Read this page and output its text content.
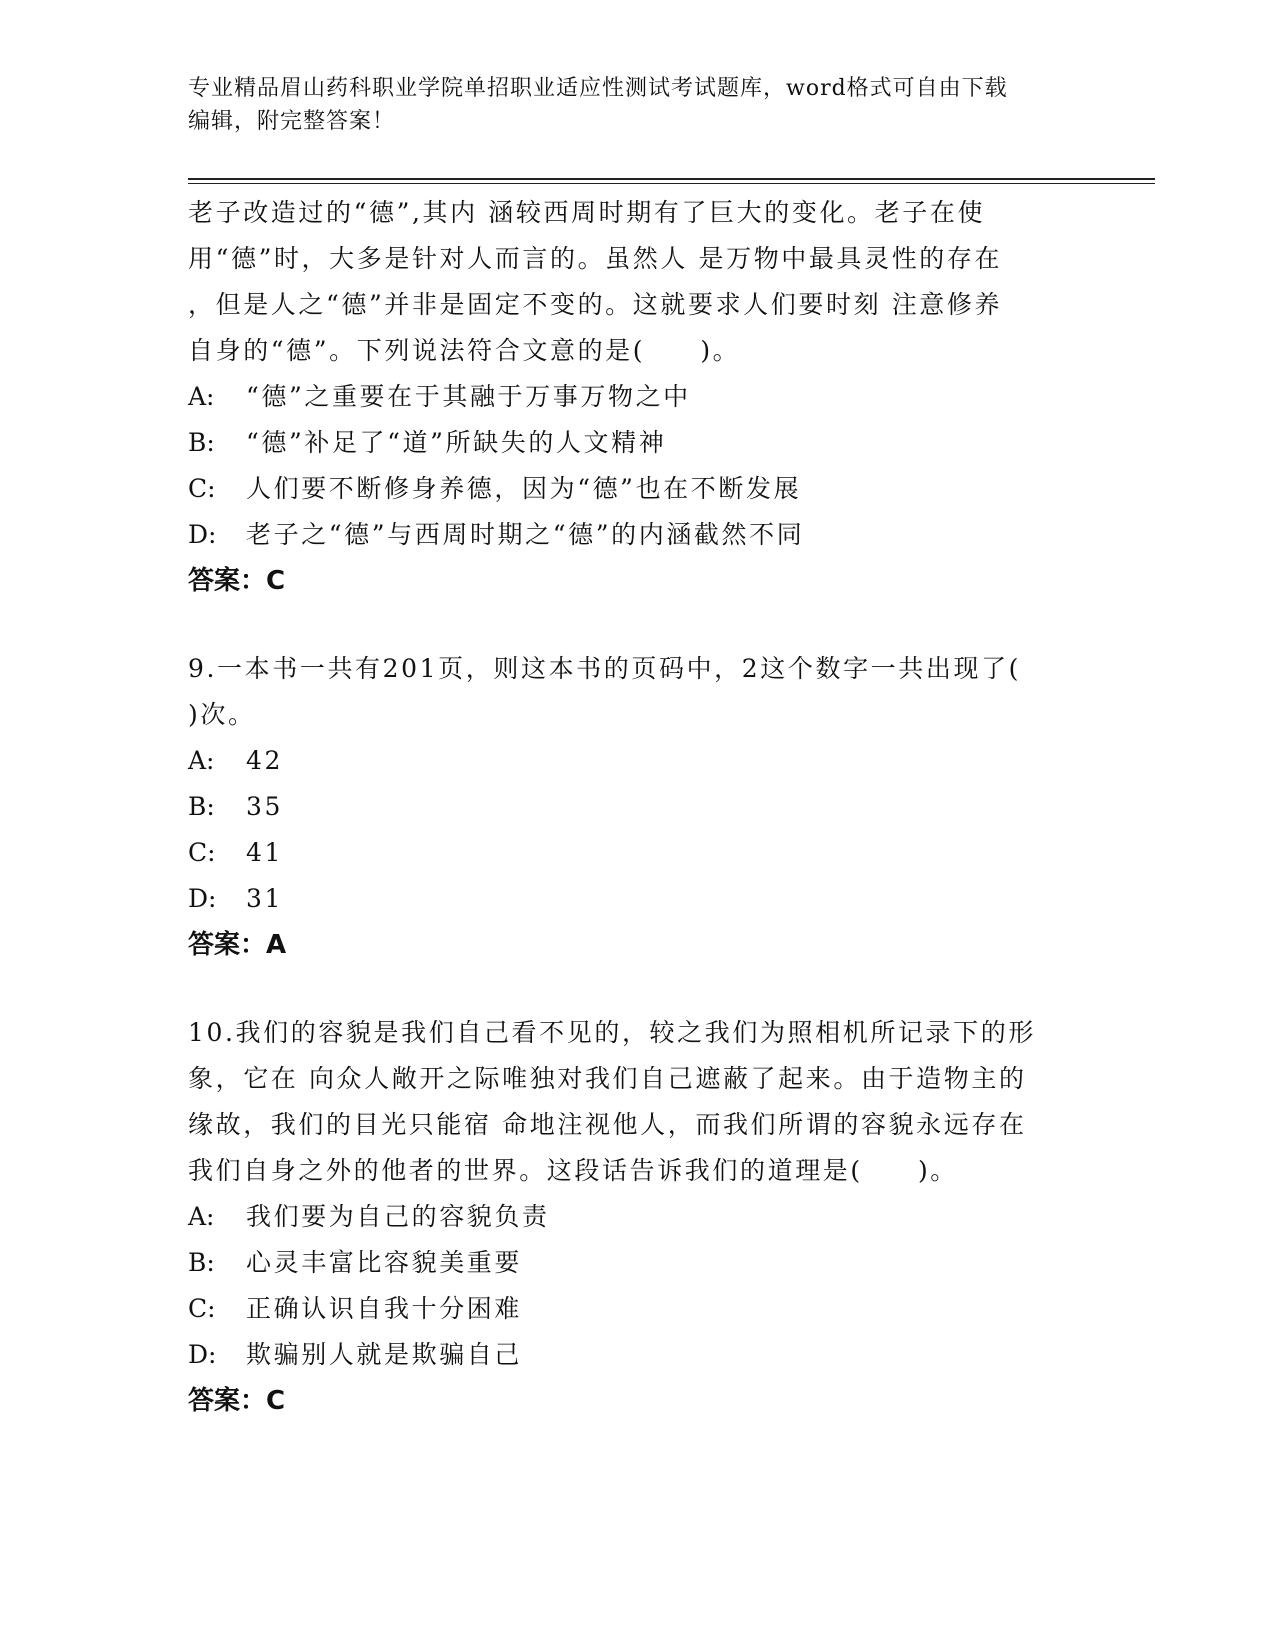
专业精品眉山药科职业学院单招职业适应性测试考试题库，word格式可自由下载
编辑，附完整答案！
老子改造过的“德”,其内 涵较西周时期有了巨大的变化。老子在使
用“德”时，大多是针对人而言的。虽然人 是万物中最具灵性的存在
，但是人之“德”并非是固定不变的。这就要求人们要时刻 注意修养
自身的“德”。下列说法符合文意的是(　　)。
A: “德”之重要在于其融于万事万物之中
B: “德”补足了“道”所缺失的人文精神
C: 人们要不断修身养德，因为“德”也在不断发展
D: 老子之“德”与西周时期之“德”的内涵截然不同
答案：C
9.一本书一共有201页，则这本书的页码中，2这个数字一共出现了(
)次。
A: 42
B: 35
C: 41
D: 31
答案：A
10.我们的容貌是我们自己看不见的，较之我们为照相机所记录下的形
象，它在 向众人敞开之际唯独对我们自己遮蔽了起来。由于造物主的
缘故，我们的目光只能宿 命地注视他人，而我们所谓的容貌永远存在
我们自身之外的他者的世界。这段话告诉我们的道理是(　　)。
A: 我们要为自己的容貌负责
B: 心灵丰富比容貌美重要
C: 正确认识自我十分困难
D: 欺骗别人就是欺骗自己
答案：C
